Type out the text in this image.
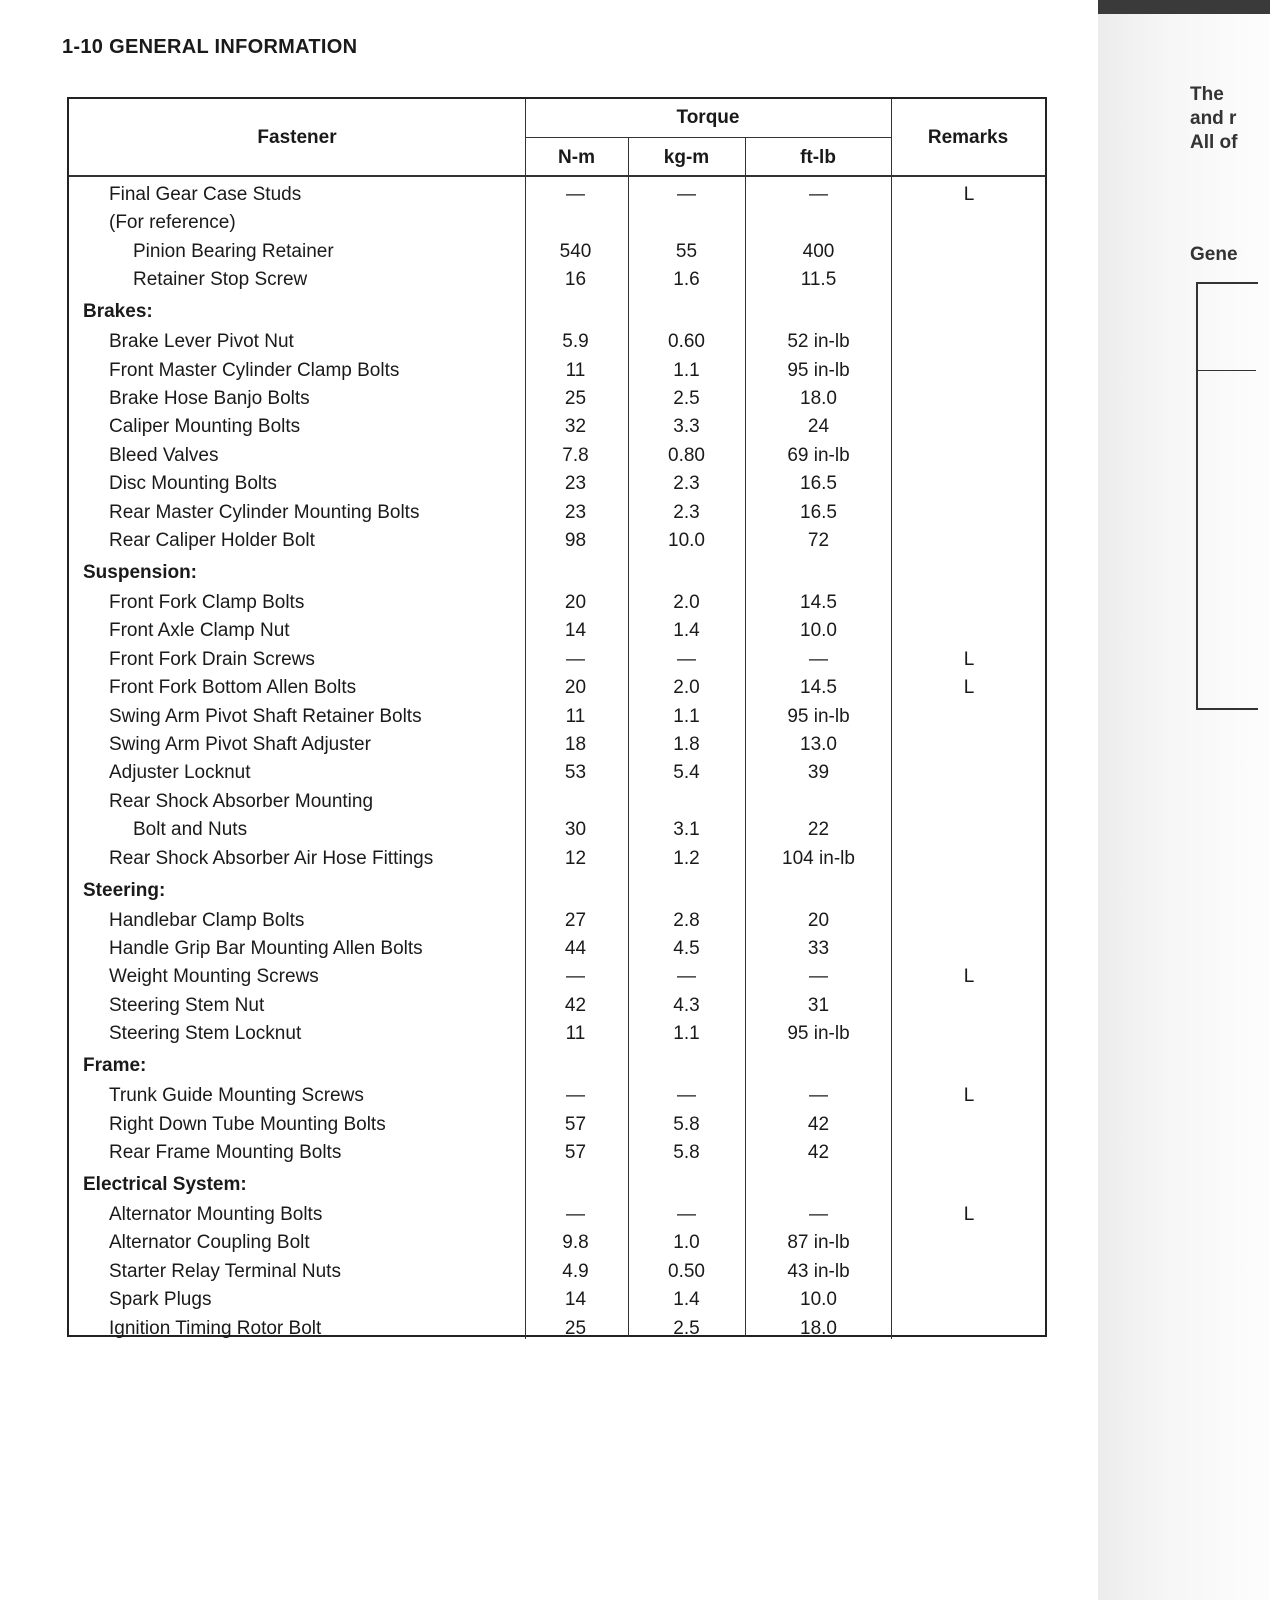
1-10 GENERAL INFORMATION
Fastener
Torque
N-m	kg-m	ft-lb
Remarks
Final Gear Case Studs	—	—	—	L
(For reference)
Pinion Bearing Retainer	540	55	400
Retainer Stop Screw	16	1.6	11.5
Brakes:
Brake Lever Pivot Nut	5.9	0.60	52 in-lb
Front Master Cylinder Clamp Bolts	11	1.1	95 in-lb
Brake Hose Banjo Bolts	25	2.5	18.0
Caliper Mounting Bolts	32	3.3	24
Bleed Valves	7.8	0.80	69 in-lb
Disc Mounting Bolts	23	2.3	16.5
Rear Master Cylinder Mounting Bolts	23	2.3	16.5
Rear Caliper Holder Bolt	98	10.0	72
Suspension:
Front Fork Clamp Bolts	20	2.0	14.5
Front Axle Clamp Nut	14	1.4	10.0
Front Fork Drain Screws	—	—	—	L
Front Fork Bottom Allen Bolts	20	2.0	14.5	L
Swing Arm Pivot Shaft Retainer Bolts	11	1.1	95 in-lb
Swing Arm Pivot Shaft Adjuster	18	1.8	13.0
Adjuster Locknut	53	5.4	39
Rear Shock Absorber Mounting
Bolt and Nuts	30	3.1	22
Rear Shock Absorber Air Hose Fittings	12	1.2	104 in-lb
Steering:
Handlebar Clamp Bolts	27	2.8	20
Handle Grip Bar Mounting Allen Bolts	44	4.5	33
Weight Mounting Screws	—	—	—	L
Steering Stem Nut	42	4.3	31
Steering Stem Locknut	11	1.1	95 in-lb
Frame:
Trunk Guide Mounting Screws	—	—	—	L
Right Down Tube Mounting Bolts	57	5.8	42
Rear Frame Mounting Bolts	57	5.8	42
Electrical System:
Alternator Mounting Bolts	—	—	—	L
Alternator Coupling Bolt	9.8	1.0	87 in-lb
Starter Relay Terminal Nuts	4.9	0.50	43 in-lb
Spark Plugs	14	1.4	10.0
Ignition Timing Rotor Bolt	25	2.5	18.0
The
and r
All of
Gene
